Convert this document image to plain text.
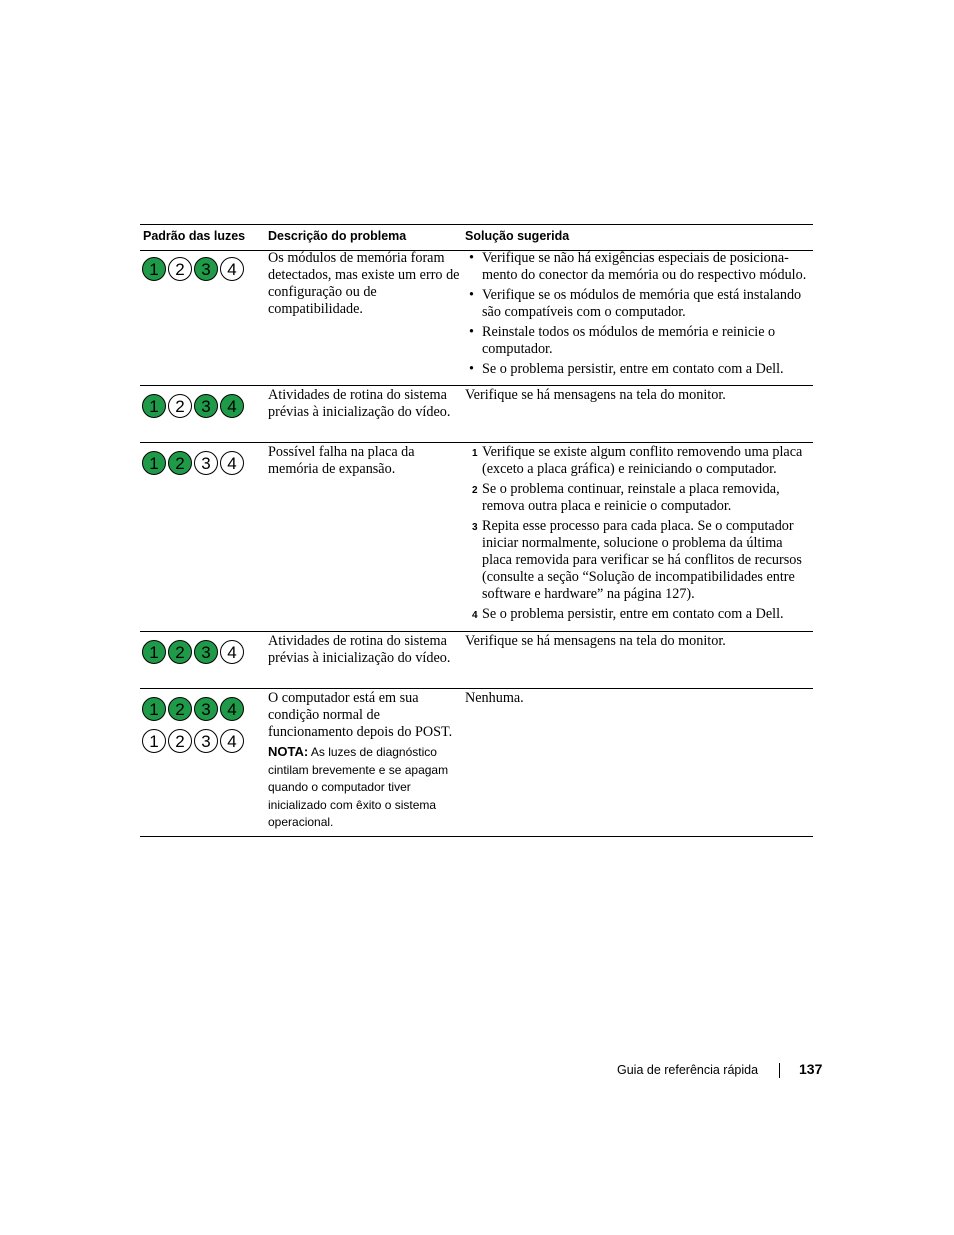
Padrão das luzes Descrição do problema	Solução sugerida
1 2 3 4
Os módulos de memória foram detectados, mas existe um erro de configuração ou de compatibilidade.
• Verifique se não há exigências especiais de posiciona-mento do conector da memória ou do respectivo módulo.
• Verifique se os módulos de memória que está instalando são compatíveis com o computador.
• Reinstale todos os módulos de memória e reinicie o computador.
• Se o problema persistir, entre em contato com a Dell.
1 2 3 4
Atividades de rotina do sistema prévias à inicialização do vídeo.
Verifique se há mensagens na tela do monitor.
1 2 3 4
Possível falha na placa da memória de expansão.
1 Verifique se existe algum conflito removendo uma placa (exceto a placa gráfica) e reiniciando o computador.
2 Se o problema continuar, reinstale a placa removida, remova outra placa e reinicie o computador.
3 Repita esse processo para cada placa. Se o computador iniciar normalmente, solucione o problema da última placa removida para verificar se há conflitos de recursos (consulte a seção “Solução de incompatibilidades entre software e hardware” na página 127).
4 Se o problema persistir, entre em contato com a Dell.
1 2 3 4
Atividades de rotina do sistema prévias à inicialização do vídeo.
Verifique se há mensagens na tela do monitor.
1 2 3 4
1 2 3 4
O computador está em sua condição normal de funcionamento depois do POST.
NOTA: As luzes de diagnóstico cintilam brevemente e se apagam quando o computador tiver inicializado com êxito o sistema operacional.
Nenhuma.
Guia de referência rápida	137
